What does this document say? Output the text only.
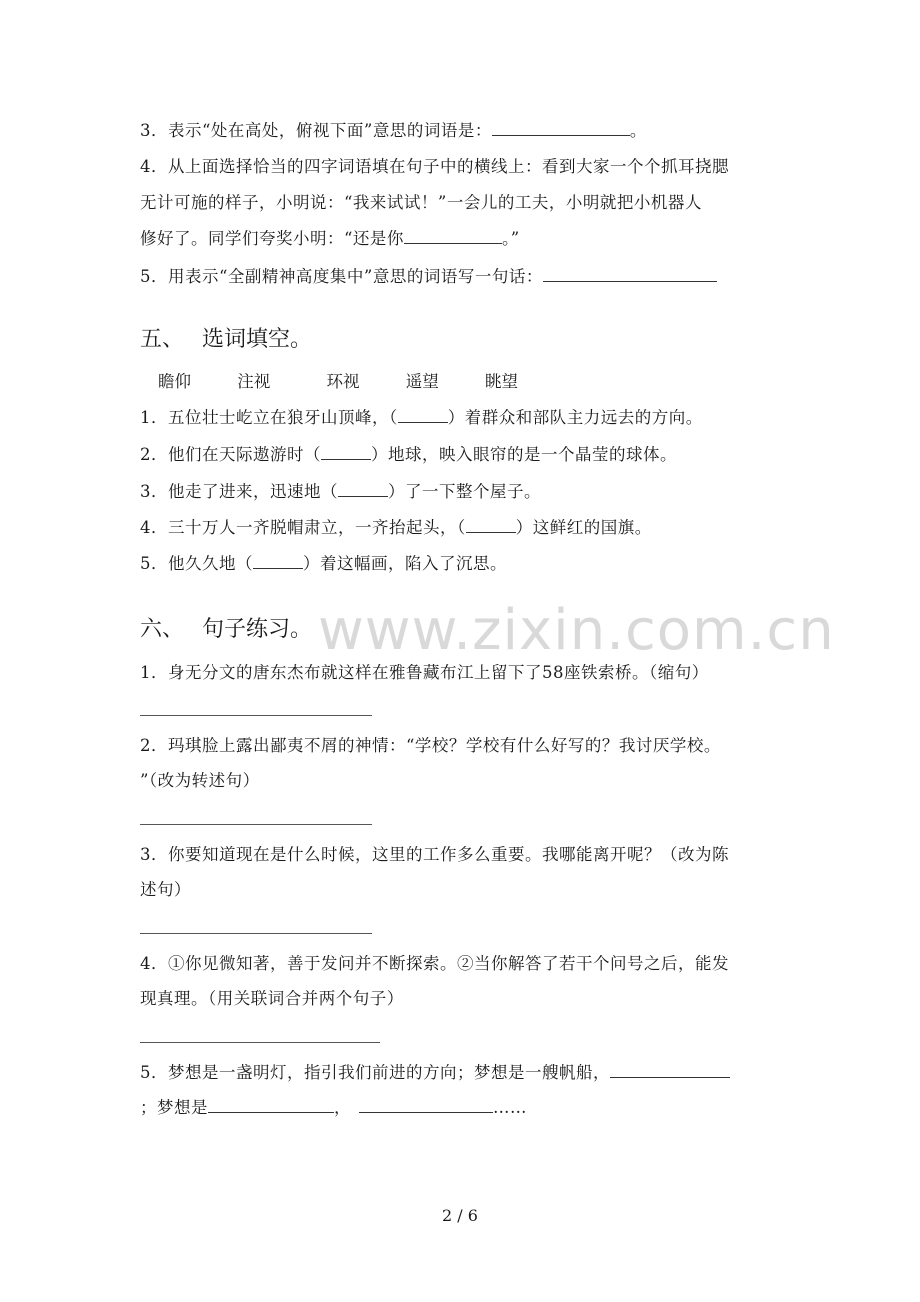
3．表示“处在高处，俯视下面”意思的词语是：	。
4．从上面选择恰当的四字词语填在句子中的横线上：看到大家一个个抓耳挠腮
无计可施的样子，小明说：“我来试试！”一会儿的工夫，小明就把小机器人
修好了。同学们夸奖小明：“还是你	。”
5．用表示“全副精神高度集中”意思的词语写一句话：
五、 选词填空。
瞻仰	注视	环视	遥望	眺望
1．五位壮士屹立在狼牙山顶峰，（	）着群众和部队主力远去的方向。
2．他们在天际遨游时（	）地球，映入眼帘的是一个晶莹的球体。
3．他走了进来，迅速地（	）了一下整个屋子。
4．三十万人一齐脱帽肃立，一齐抬起头，（	）这鲜红的国旗。
5．他久久地（	）着这幅画，陷入了沉思。
www.zixin.com.cn
六、 句子练习。
1．身无分文的唐东杰布就这样在雅鲁藏布江上留下了58座铁索桥。（缩句）
2．玛琪脸上露出鄙夷不屑的神情：“学校？学校有什么好写的？我讨厌学校。
”（改为转述句）
3．你要知道现在是什么时候，这里的工作多么重要。我哪能离开呢？（改为陈
述句）
4．①你见微知著，善于发问并不断探索。②当你解答了若干个问号之后，能发
现真理。（用关联词合并两个句子）
5．梦想是一盏明灯，指引我们前进的方向；梦想是一艘帆船，
；梦想是	，	……
2 / 6
